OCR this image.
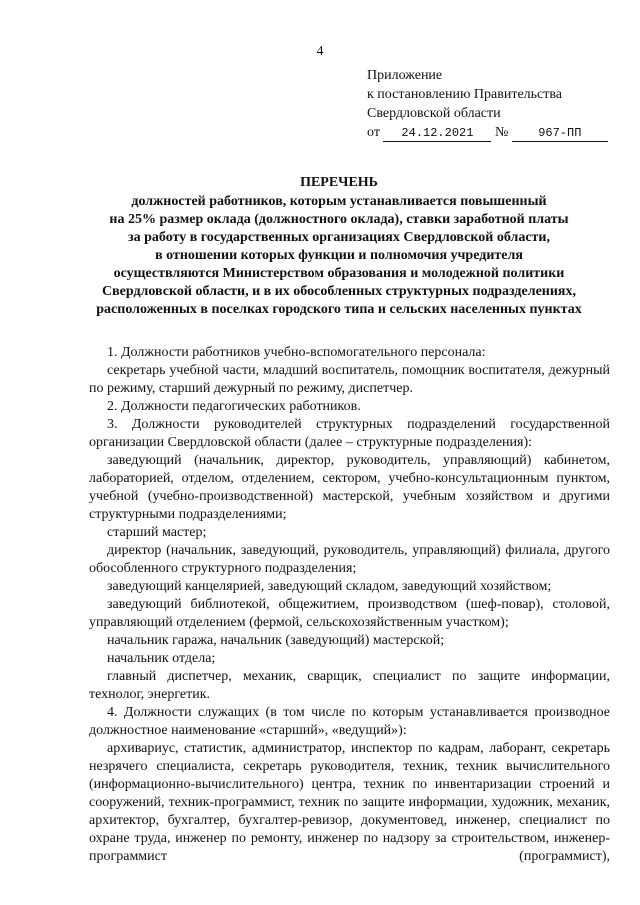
4
Приложение
к постановлению Правительства
Свердловской области
от 24.12.2021 № 967-ПП
ПЕРЕЧЕНЬ
должностей работников, которым устанавливается повышенный
на 25% размер оклада (должностного оклада), ставки заработной платы
за работу в государственных организациях Свердловской области,
в отношении которых функции и полномочия учредителя
осуществляются Министерством образования и молодежной политики
Свердловской области, и в их обособленных структурных подразделениях,
расположенных в поселках городского типа и сельских населенных пунктах

1. Должности работников учебно-вспомогательного персонала:

секретарь учебной части, младший воспитатель, помощник воспитателя, дежурный по режиму, старший дежурный по режиму, диспетчер.

2. Должности педагогических работников.

3. Должности руководителей структурных подразделений государственной организации Свердловской области (далее – структурные подразделения):

заведующий (начальник, директор, руководитель, управляющий) кабинетом, лабораторией, отделом, отделением, сектором, учебно-консультационным пунктом, учебной (учебно-производственной) мастерской, учебным хозяйством и другими структурными подразделениями;

старший мастер;

директор (начальник, заведующий, руководитель, управляющий) филиала, другого обособленного структурного подразделения;

заведующий канцелярией, заведующий складом, заведующий хозяйством;

заведующий библиотекой, общежитием, производством (шеф-повар), столовой, управляющий отделением (фермой, сельскохозяйственным участком);

начальник гаража, начальник (заведующий) мастерской;

начальник отдела;

главный диспетчер, механик, сварщик, специалист по защите информации, технолог, энергетик.

4. Должности служащих (в том числе по которым устанавливается производное должностное наименование «старший», «ведущий»):

архивариус, статистик, администратор, инспектор по кадрам, лаборант, секретарь незрячего специалиста, секретарь руководителя, техник, техник вычислительного (информационно-вычислительного) центра, техник по инвентаризации строений и сооружений, техник-программист, техник по защите информации, художник, механик, архитектор, бухгалтер, бухгалтер-ревизор, документовед, инженер, специалист по охране труда, инженер по ремонту, инженер по надзору за строительством, инженер-программист (программист),
